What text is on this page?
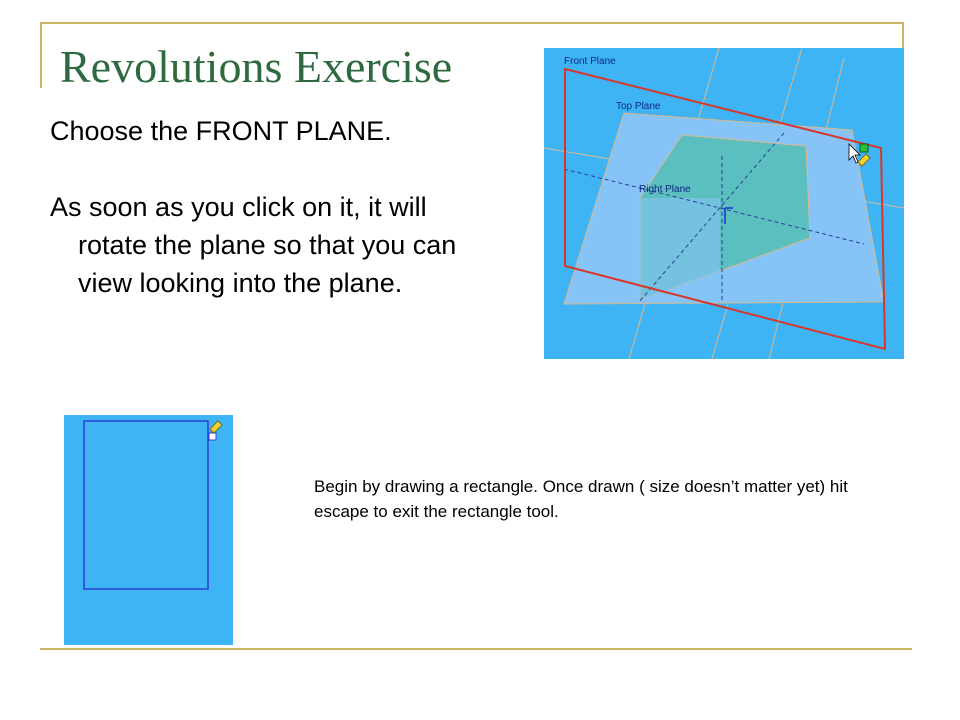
Revolutions Exercise

Choose the FRONT PLANE.

As soon as you click on it, it will rotate the plane so that you can view looking into the plane.

Front Plane
Top Plane
Right Plane

Begin by drawing a rectangle. Once drawn ( size doesn’t matter yet) hit escape to exit the rectangle tool.
